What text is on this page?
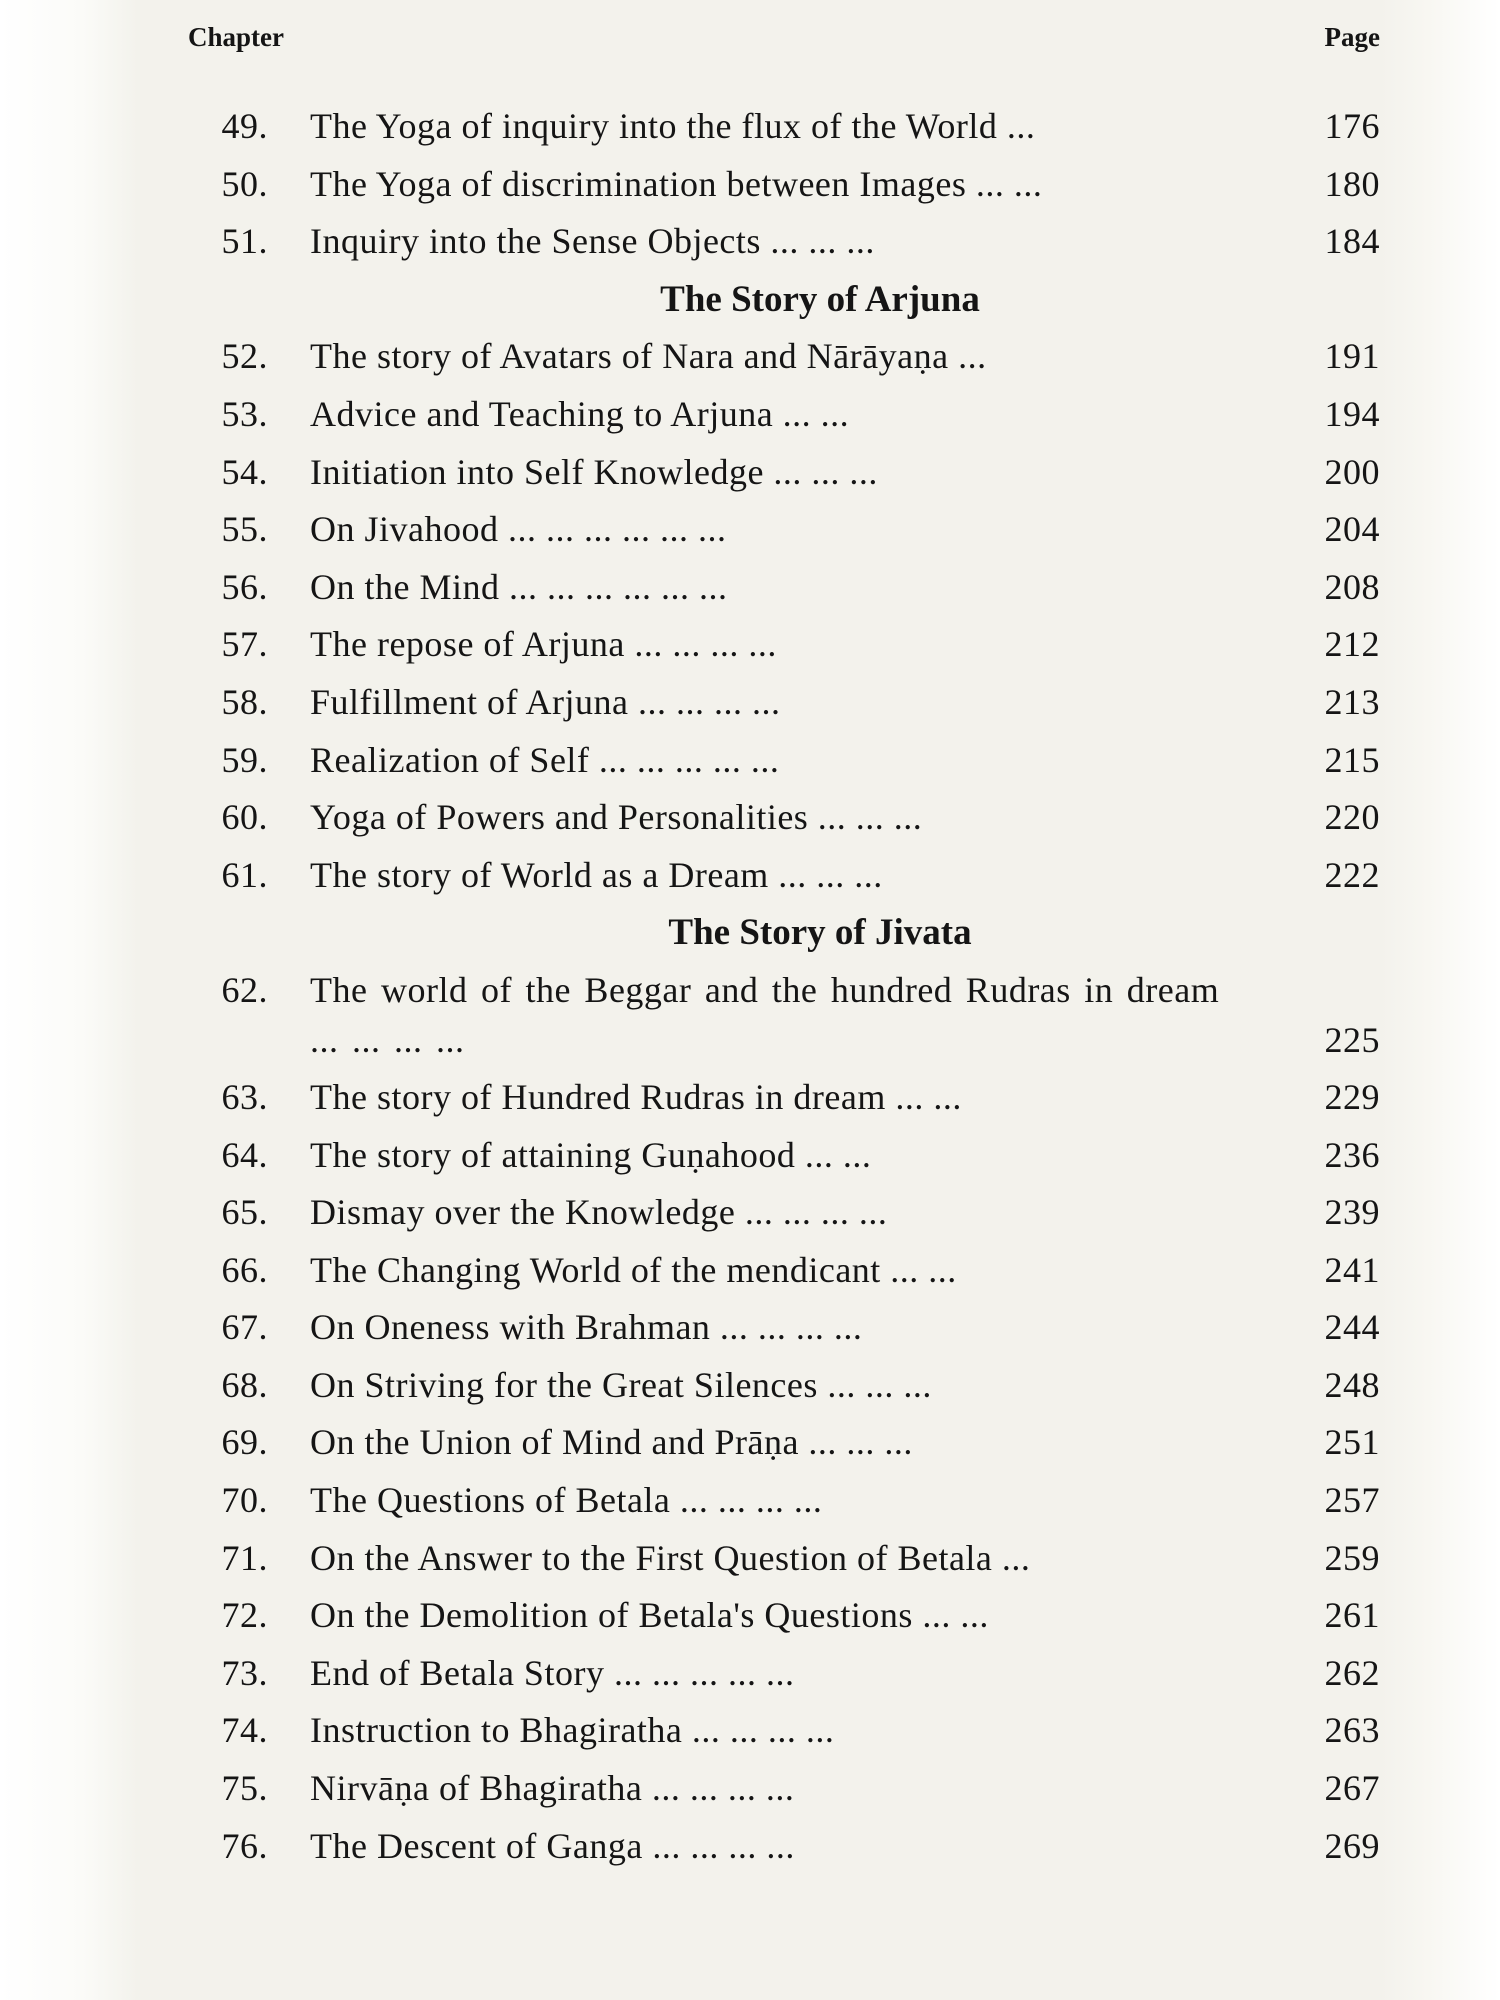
Chapter	Page
49. The Yoga of inquiry into the flux of the World ...	176
50. The Yoga of discrimination between Images ... ...	180
51. Inquiry into the Sense Objects ... ... ...	184
The Story of Arjuna
52. The story of Avatars of Nara and Nārāyaṇa ...	191
53. Advice and Teaching to Arjuna ... ...	194
54. Initiation into Self Knowledge ... ... ...	200
55. On Jivahood ... ... ... ... ... ...	204
56. On the Mind ... ... ... ... ... ...	208
57. The repose of Arjuna ... ... ... ...	212
58. Fulfillment of Arjuna ... ... ... ...	213
59. Realization of Self ... ... ... ... ...	215
60. Yoga of Powers and Personalities ... ... ...	220
61. The story of World as a Dream ... ... ...	222
The Story of Jivata
62. The world of the Beggar and the hundred Rudras in dream ... ... ... ...	225
63. The story of Hundred Rudras in dream ... ...	229
64. The story of attaining Guṇahood ... ...	236
65. Dismay over the Knowledge ... ... ... ...	239
66. The Changing World of the mendicant ... ...	241
67. On Oneness with Brahman ... ... ... ...	244
68. On Striving for the Great Silences ... ... ...	248
69. On the Union of Mind and Prāṇa ... ... ...	251
70. The Questions of Betala ... ... ... ...	257
71. On the Answer to the First Question of Betala ...	259
72. On the Demolition of Betala's Questions ... ...	261
73. End of Betala Story ... ... ... ... ...	262
74. Instruction to Bhagiratha ... ... ... ...	263
75. Nirvāṇa of Bhagiratha ... ... ... ...	267
76. The Descent of Ganga ... ... ... ...	269
